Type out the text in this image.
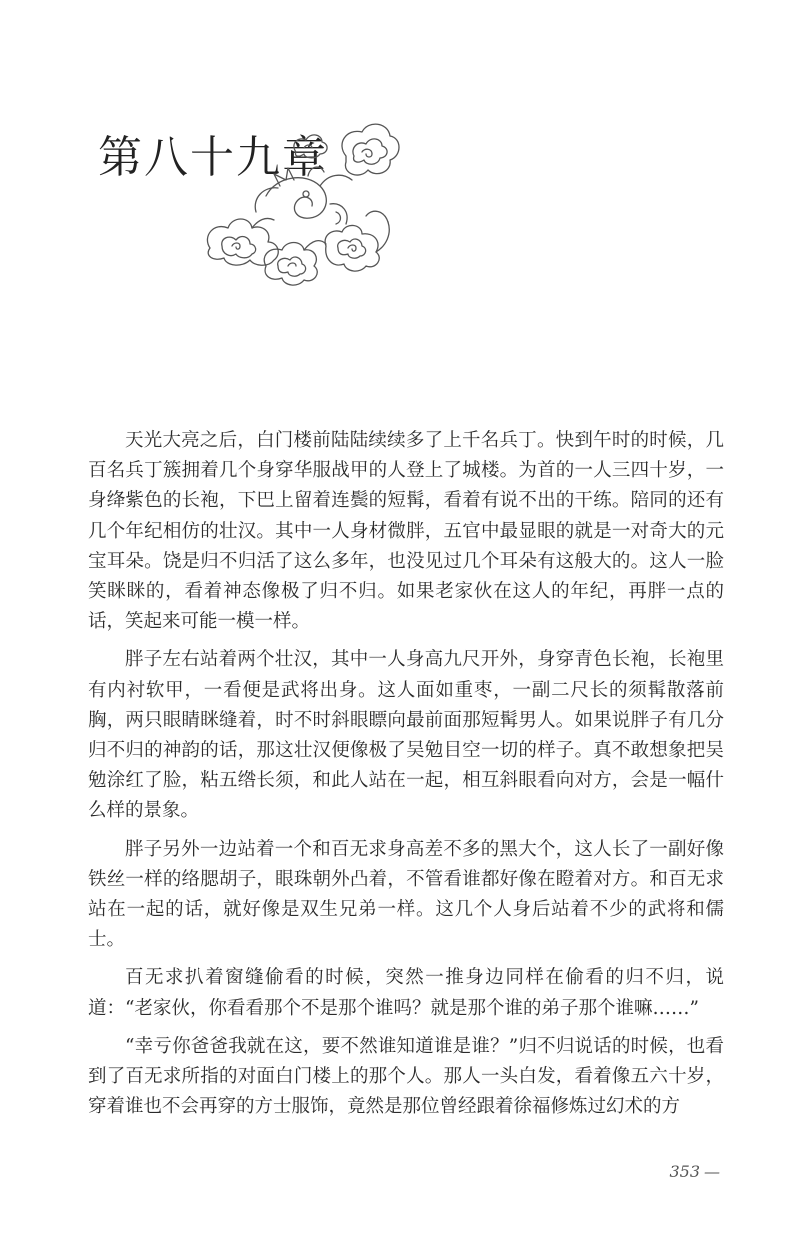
第八十九章

天光大亮之后，白门楼前陆陆续续多了上千名兵丁。快到午时的时候，几百名兵丁簇拥着几个身穿华服战甲的人登上了城楼。为首的一人三四十岁，一身绛紫色的长袍，下巴上留着连鬓的短髯，看着有说不出的干练。陪同的还有几个年纪相仿的壮汉。其中一人身材微胖，五官中最显眼的就是一对奇大的元宝耳朵。饶是归不归活了这么多年，也没见过几个耳朵有这般大的。这人一脸笑眯眯的，看着神态像极了归不归。如果老家伙在这人的年纪，再胖一点的话，笑起来可能一模一样。

胖子左右站着两个壮汉，其中一人身高九尺开外，身穿青色长袍，长袍里有内衬软甲，一看便是武将出身。这人面如重枣，一副二尺长的须髯散落前胸，两只眼睛眯缝着，时不时斜眼瞟向最前面那短髯男人。如果说胖子有几分归不归的神韵的话，那这壮汉便像极了吴勉目空一切的样子。真不敢想象把吴勉涂红了脸，粘五绺长须，和此人站在一起，相互斜眼看向对方，会是一幅什么样的景象。

胖子另外一边站着一个和百无求身高差不多的黑大个，这人长了一副好像铁丝一样的络腮胡子，眼珠朝外凸着，不管看谁都好像在瞪着对方。和百无求站在一起的话，就好像是双生兄弟一样。这几个人身后站着不少的武将和儒士。

百无求扒着窗缝偷看的时候，突然一推身边同样在偷看的归不归，说道：“老家伙，你看看那个不是那个谁吗？就是那个谁的弟子那个谁嘛……”

“幸亏你爸爸我就在这，要不然谁知道谁是谁？”归不归说话的时候，也看到了百无求所指的对面白门楼上的那个人。那人一头白发，看着像五六十岁，穿着谁也不会再穿的方士服饰，竟然是那位曾经跟着徐福修炼过幻术的方

353 —
